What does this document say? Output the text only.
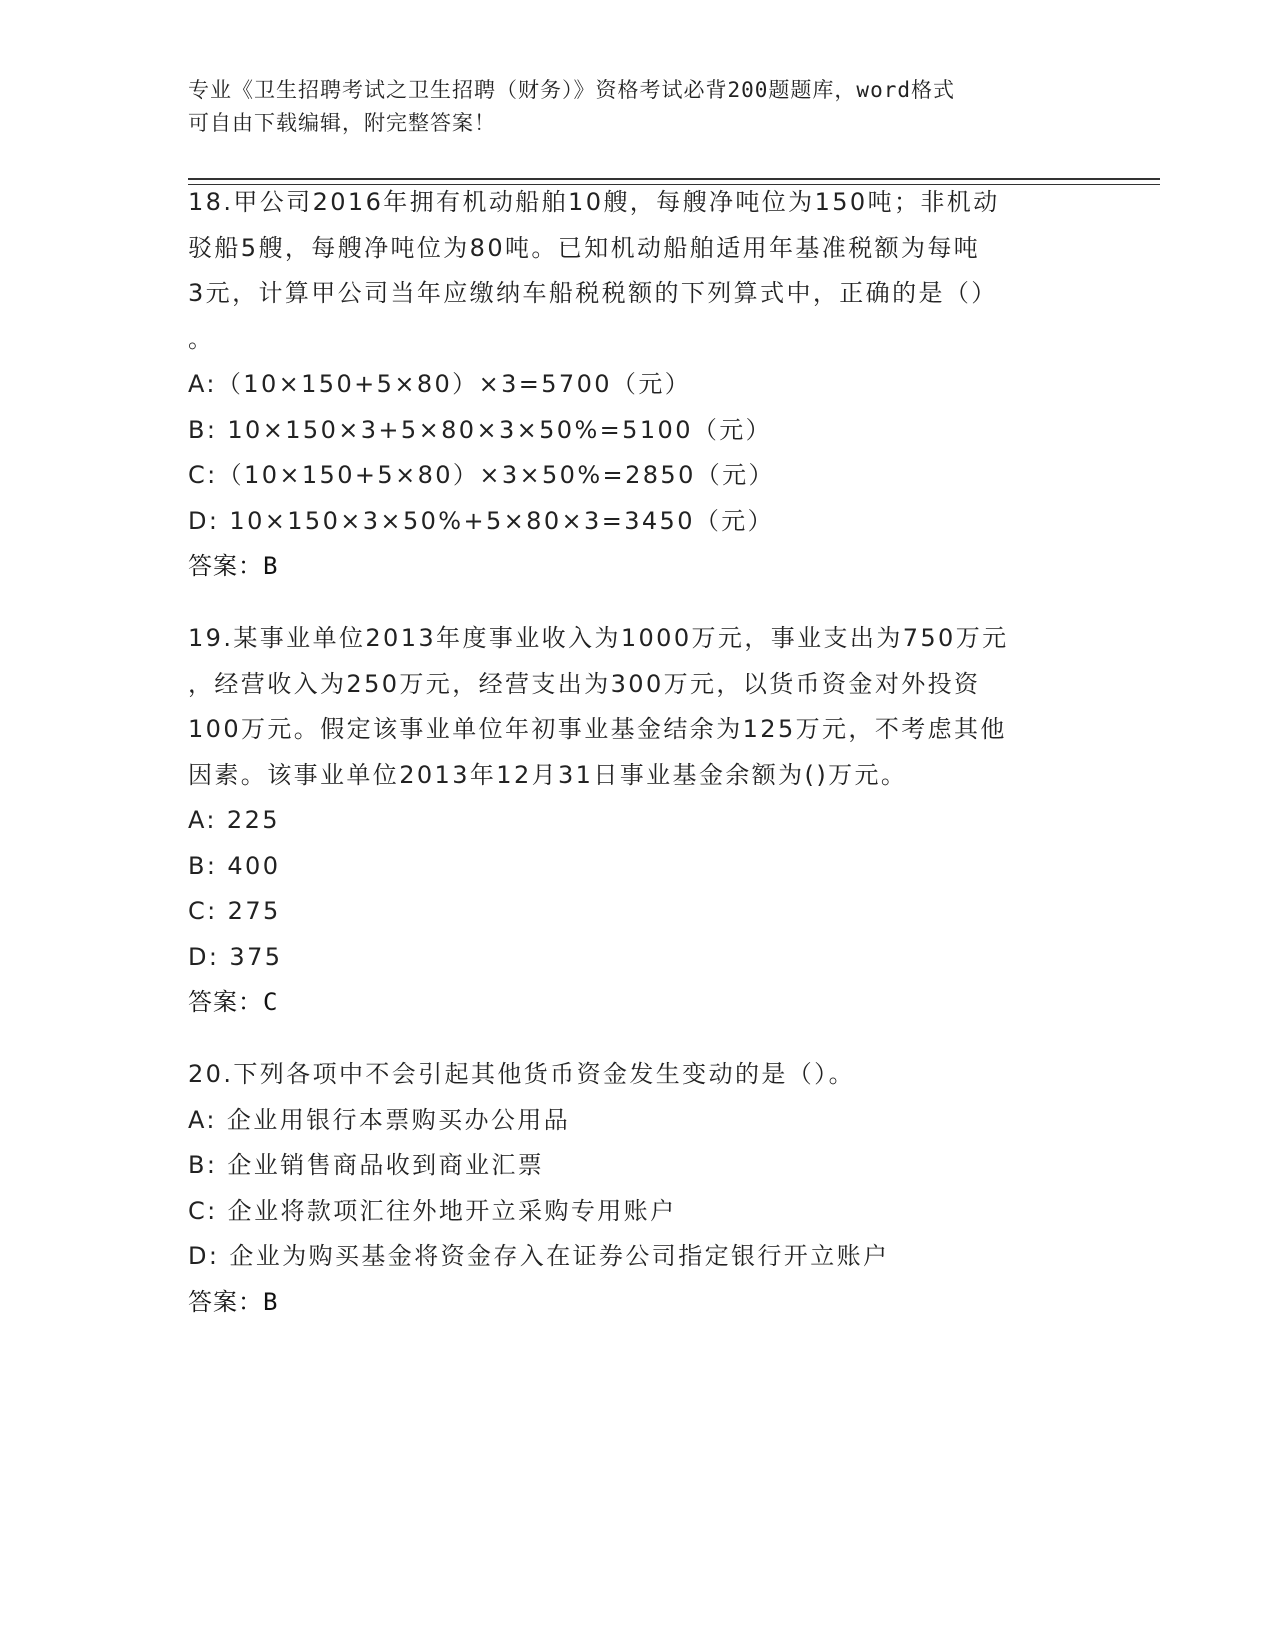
专业《卫生招聘考试之卫生招聘（财务）》资格考试必背200题题库，word格式
可自由下载编辑，附完整答案！

18.甲公司2016年拥有机动船舶10艘，每艘净吨位为150吨；非机动

驳船5艘，每艘净吨位为80吨。已知机动船舶适用年基准税额为每吨

3元，计算甲公司当年应缴纳车船税税额的下列算式中，正确的是（）

。

A:（10×150+5×80）×3=5700（元）

B: 10×150×3+5×80×3×50%=5100（元）

C:（10×150+5×80）×3×50%=2850（元）

D: 10×150×3×50%+5×80×3=3450（元）

答案：B

19.某事业单位2013年度事业收入为1000万元，事业支出为750万元

，经营收入为250万元，经营支出为300万元，以货币资金对外投资

100万元。假定该事业单位年初事业基金结余为125万元，不考虑其他

因素。该事业单位2013年12月31日事业基金余额为()万元。

A: 225

B: 400

C: 275

D: 375

答案：C

20.下列各项中不会引起其他货币资金发生变动的是（）。

A: 企业用银行本票购买办公用品

B: 企业销售商品收到商业汇票

C: 企业将款项汇往外地开立采购专用账户

D: 企业为购买基金将资金存入在证券公司指定银行开立账户

答案：B
